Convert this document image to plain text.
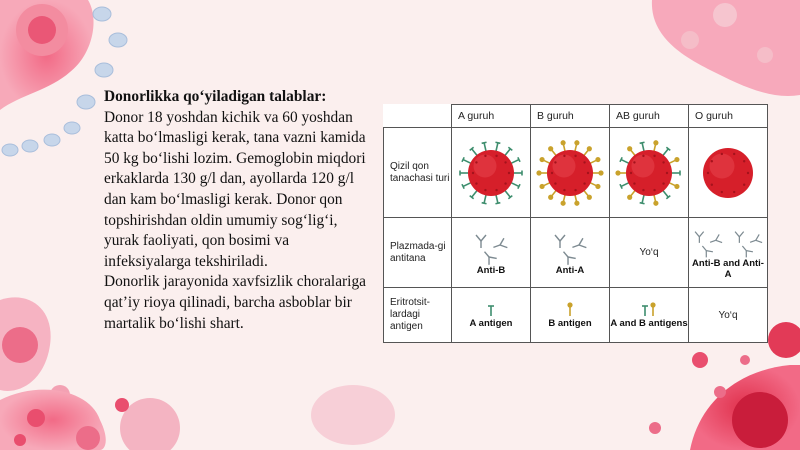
Donorlikka qo‘yiladigan talablar:
Donor 18 yoshdan kichik va 60 yoshdan katta bo‘lmasligi kerak, tana vazni kamida 50 kg bo‘lishi lozim. Gemoglobin miqdori erkaklarda 130 g/l dan, ayollarda 120 g/l dan kam bo‘lmasligi kerak. Donor qon topshirishdan oldin umumiy sog‘lig‘i, yurak faoliyati, qon bosimi va infeksiyalarga tekshiriladi.

Donorlik jarayonida xavfsizlik choralariga qat’iy rioya qilinadi, barcha asboblar bir martalik bo‘lishi shart.

	A guruh	B guruh	AB guruh	O guruh
Qizil qon tanachasi turi	

Plazmada-gi antitana	Anti-B	Anti-A	Yo‘q	Anti-B and Anti-A

Eritrotsit-lardagi antigen	A antigen	B antigen	A and B antigens	Yo‘q
